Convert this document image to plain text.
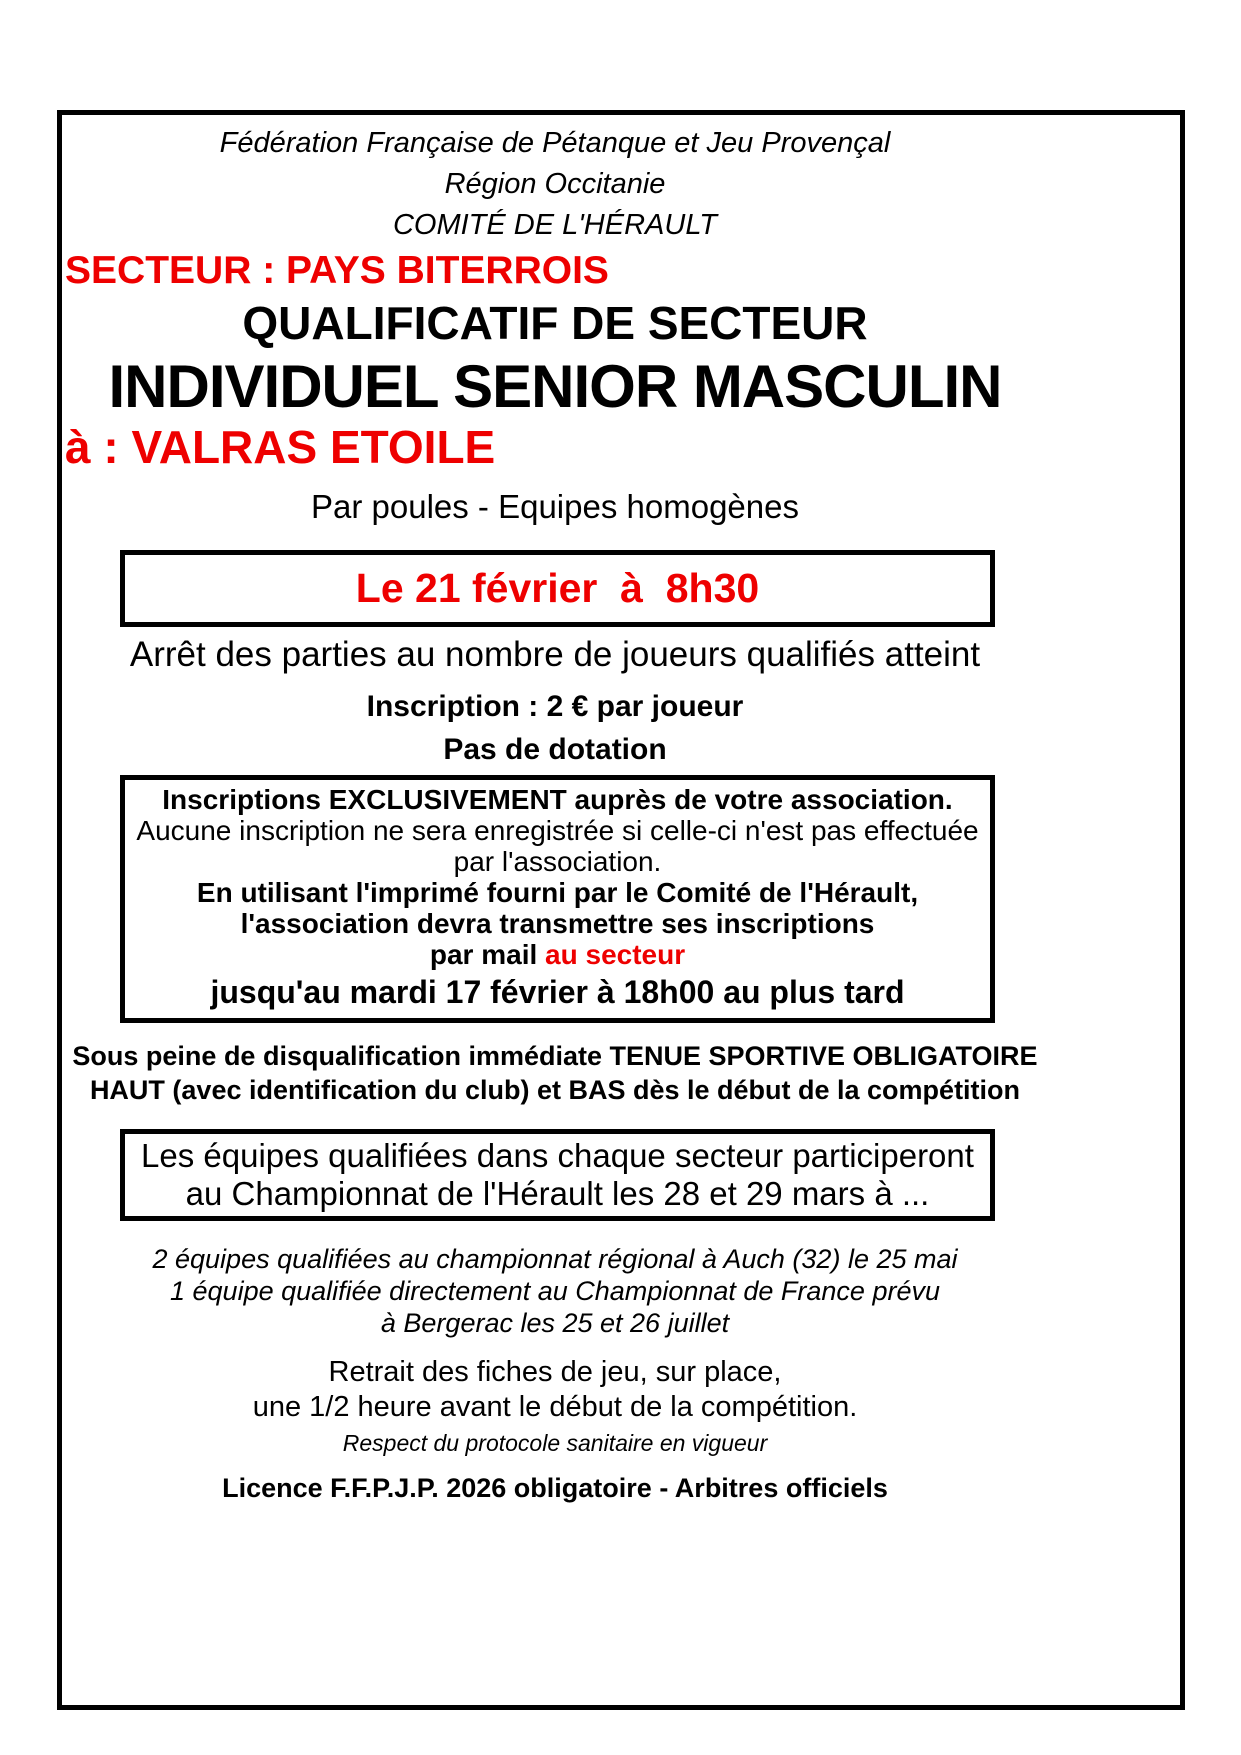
Fédération Française de Pétanque et Jeu Provençal
Région Occitanie
COMITÉ DE L'HÉRAULT
SECTEUR : PAYS BITERROIS
QUALIFICATIF DE SECTEUR
INDIVIDUEL SENIOR MASCULIN
à : VALRAS ETOILE
Par poules - Equipes homogènes
Le 21 février  à  8h30
Arrêt des parties au nombre de joueurs qualifiés atteint
Inscription : 2 € par joueur
Pas de dotation
Inscriptions EXCLUSIVEMENT auprès de votre association.
Aucune inscription ne sera enregistrée si celle-ci n'est pas effectuée
par l'association.
En utilisant l'imprimé fourni par le Comité de l'Hérault,
l'association devra transmettre ses inscriptions
par mail au secteur
jusqu'au mardi 17 février à 18h00 au plus tard
Sous peine de disqualification immédiate TENUE SPORTIVE OBLIGATOIRE
HAUT (avec identification du club) et BAS dès le début de la compétition
Les équipes qualifiées dans chaque secteur participeront
au Championnat de l'Hérault les 28 et 29 mars à ...
2 équipes qualifiées au championnat régional à Auch (32) le 25 mai
1 équipe qualifiée directement au Championnat de France prévu
à Bergerac les 25 et 26 juillet
Retrait des fiches de jeu, sur place,
une 1/2 heure avant le début de la compétition.
Respect du protocole sanitaire en vigueur
Licence F.F.P.J.P. 2026 obligatoire - Arbitres officiels
